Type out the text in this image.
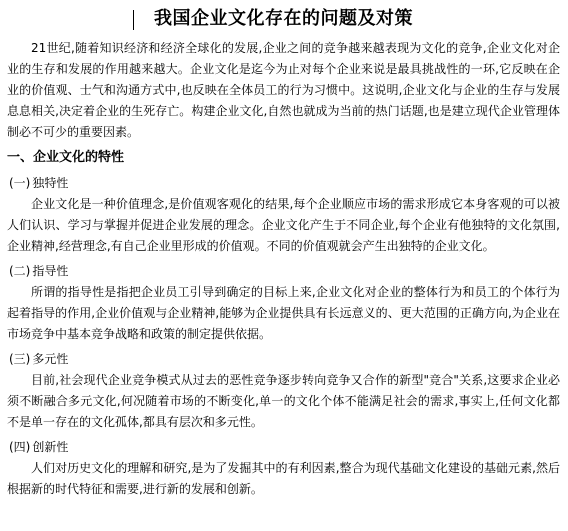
我国企业文化存在的问题及对策

21世纪,随着知识经济和经济全球化的发展,企业之间的竞争越来越表现为文化的竞争,企业文化对企业的生存和发展的作用越来越大。企业文化是迄今为止对每个企业来说是最具挑战性的一环,它反映在企业的价值观、士气和沟通方式中,也反映在全体员工的行为习惯中。这说明,企业文化与企业的生存与发展息息相关,决定着企业的生死存亡。构建企业文化,自然也就成为当前的热门话题,也是建立现代企业管理体制必不可少的重要因素。

一、企业文化的特性
(一) 独特性

企业文化是一种价值理念,是价值观客观化的结果,每个企业顺应市场的需求形成它本身客观的可以被人们认识、学习与掌握并促进企业发展的理念。企业文化产生于不同企业,每个企业有他独特的文化氛围,企业精神,经营理念,有自己企业里形成的价值观。不同的价值观就会产生出独特的企业文化。

(二) 指导性

所谓的指导性是指把企业员工引导到确定的目标上来,企业文化对企业的整体行为和员工的个体行为起着指导的作用,企业价值观与企业精神,能够为企业提供具有长远意义的、更大范围的正确方向,为企业在市场竞争中基本竞争战略和政策的制定提供依据。

(三) 多元性

目前,社会现代企业竞争模式从过去的恶性竞争逐步转向竞争又合作的新型"竞合"关系,这要求企业必须不断融合多元文化,何况随着市场的不断变化,单一的文化个体不能满足社会的需求,事实上,任何文化都不是单一存在的文化孤体,都具有层次和多元性。

(四) 创新性

人们对历史文化的理解和研究,是为了发掘其中的有利因素,整合为现代基础文化建设的基础元素,然后根据新的时代特征和需要,进行新的发展和创新。
